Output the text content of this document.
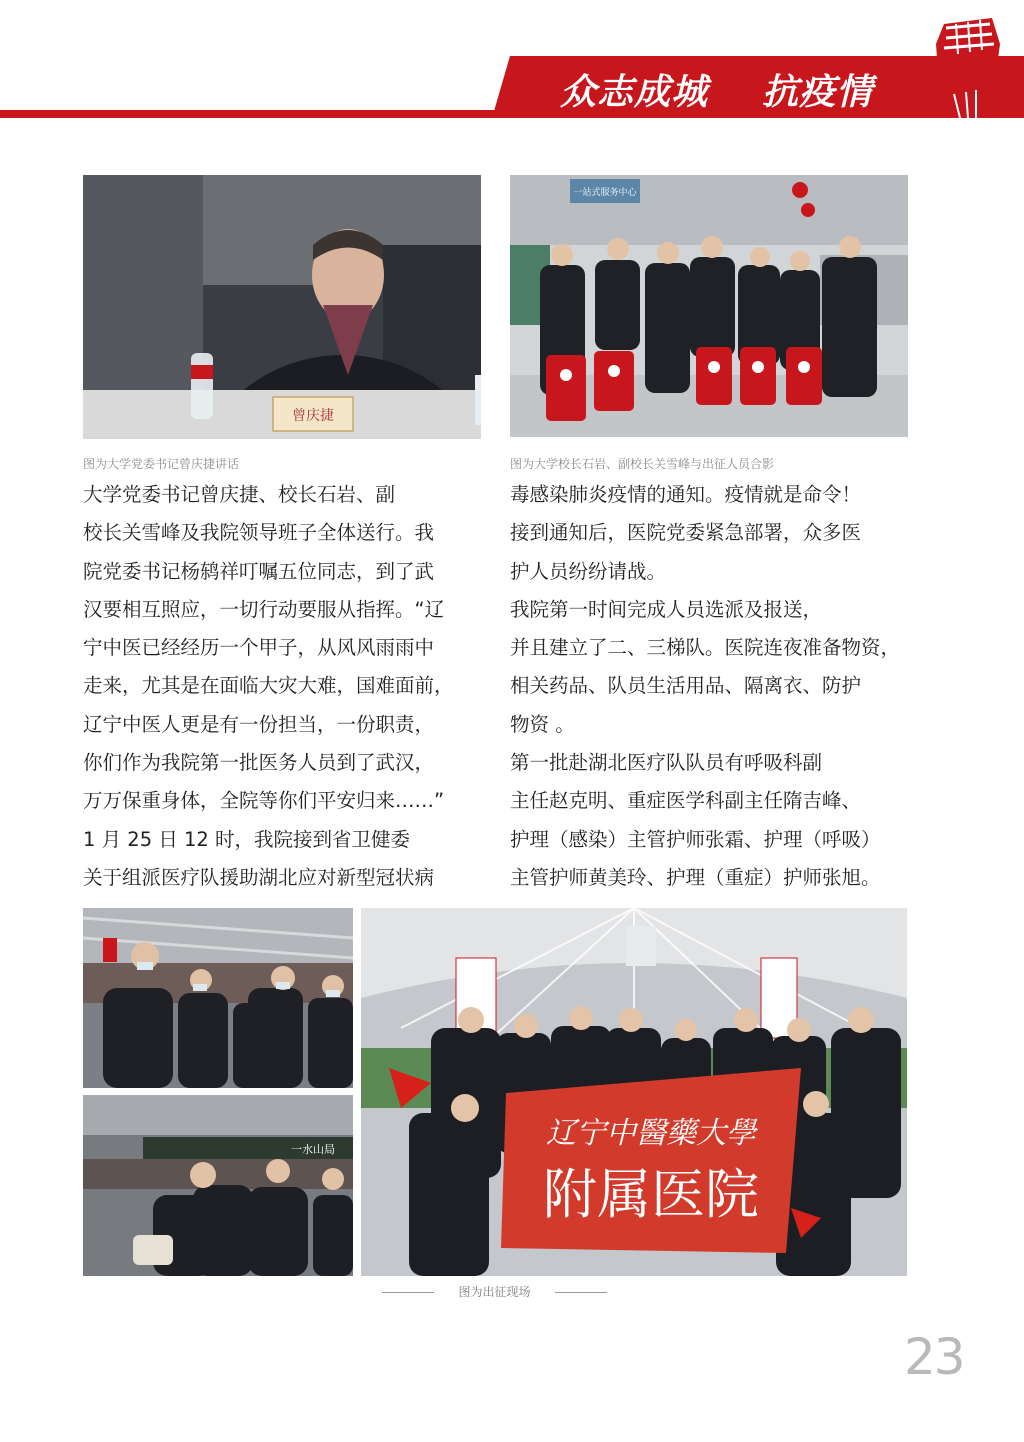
众志成城    抗疫情
曾庆捷
图为大学党委书记曾庆捷讲话
一站式服务中心
图为大学校长石岩、副校长关雪峰与出征人员合影

大学党委书记曾庆捷、校长石岩、副

校长关雪峰及我院领导班子全体送行。我

院党委书记杨鸫祥叮嘱五位同志，到了武

汉要相互照应，一切行动要服从指挥。“辽

宁中医已经经历一个甲子，从风风雨雨中

走来，尤其是在面临大灾大难，国难面前，

辽宁中医人更是有一份担当，一份职责，

你们作为我院第一批医务人员到了武汉，

万万保重身体，全院等你们平安归来……”

1 月 25 日 12 时，我院接到省卫健委

关于组派医疗队援助湖北应对新型冠状病

毒感染肺炎疫情的通知。疫情就是命令！

接到通知后，医院党委紧急部署，众多医

护人员纷纷请战。

我院第一时间完成人员选派及报送，

并且建立了二、三梯队。医院连夜准备物资，

相关药品、队员生活用品、隔离衣、防护

物资 。

第一批赴湖北医疗队队员有呼吸科副

主任赵克明、重症医学科副主任隋吉峰、

护理（感染）主管护师张霜、护理（呼吸）

主管护师黄美玲、护理（重症）护师张旭。

一水山局	辽宁中醫藥大學
附属医院
图为出征现场
23
